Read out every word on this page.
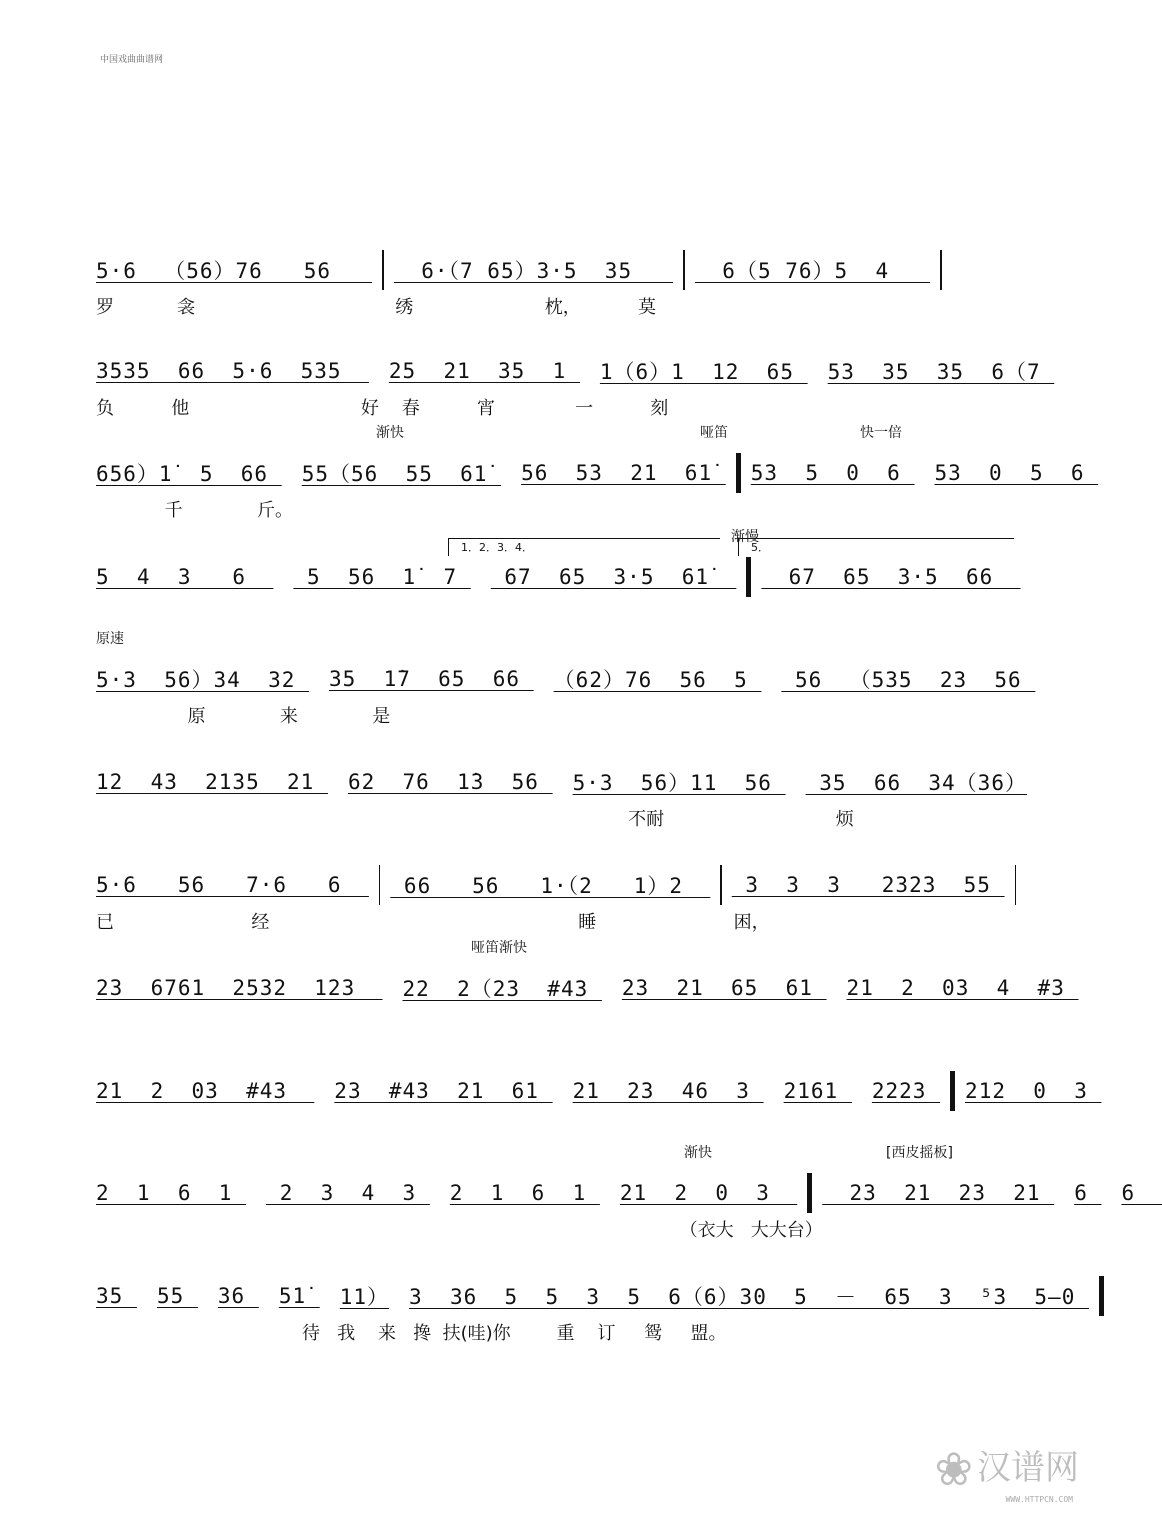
中国戏曲曲谱网
5·6  （56）76   56 6·（7 65）3·5  35 6（5 76）5  4
罗           衾                                   绣                       枕，          莫
3535  66  5·6  535 25  21  35  1 1（6）1  12  65 53  35  35  6（7
负          他                              好    春          宵              一          刻
656）1̇  5  66 55（56  55  61̇ 56  53  21  61̇ 53  5  0  6 53  0  5  6
千             斤。
渐快	哑笛	快一倍
5  4  3   6 5  56  1̇  7 67  65  3·5  61̇ 67  65  3·5  66
渐慢
1．2．3．4．	5．
5·3  56）34  32 35  1̇7  65  66 （62）76  56  5 56  （535  23  56
原             来             是
原速
12  43  2135  21 62  76  1̇3  56 5·3  56）11  56 35  66  34（36）
不耐                              烦
5·6   56   7·6   6 66   56   1·（2   1）2 3  3  3   2323  55
已                        经                                                      睡                        困，
23  6761  2532  123 22  2（23  #43 23  21  65  61 21  2  03  4  #3
哑笛渐快
21  2  03  #43 23  #43  21  61 21  23  46  3 2161 2223 212  0  3
2  1  6  1 2  3  4  3 2  1  6  1 21  2  0  3 23  21  23  21 6 6
（衣大   大大台）
渐快	[西皮摇板]
35 55 36 51̇ 11） 3  36  5  5  3  5  6（6）30  5  －  65  3  ⁵3  5—0
待   我    来   搀  扶(哇)你        重    订     鸳     盟。
❀ 汉谱网
WWW.HTTPCN.COM
